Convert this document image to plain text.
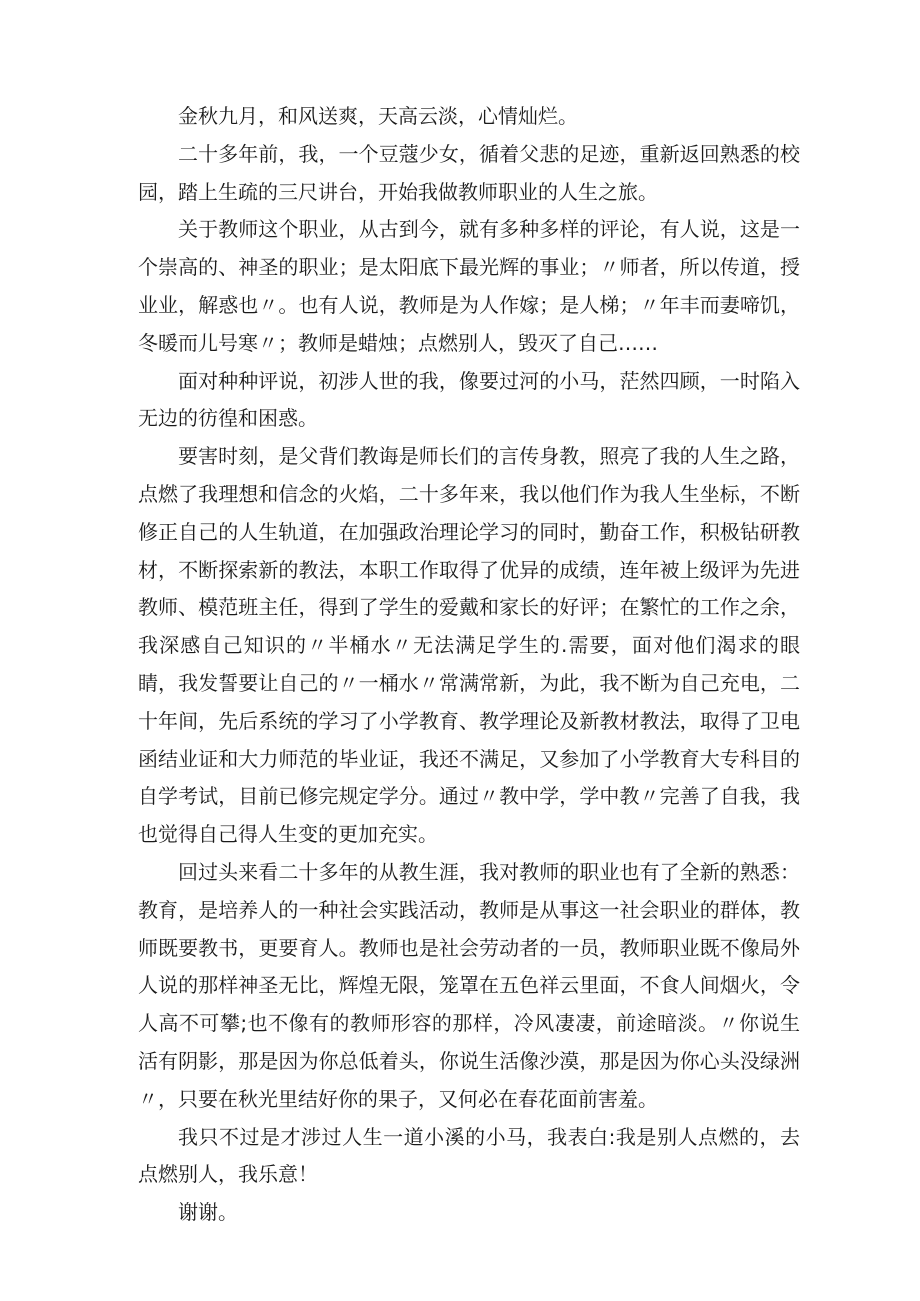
金秋九月，和风送爽，天高云淡，心情灿烂。

二十多年前，我，一个豆蔻少女，循着父悲的足迹，重新返回熟悉的校园，踏上生疏的三尺讲台，开始我做教师职业的人生之旅。

关于教师这个职业，从古到今，就有多种多样的评论，有人说，这是一个崇高的、神圣的职业；是太阳底下最光辉的事业；〃师者，所以传道，授业业，解惑也〃。也有人说，教师是为人作嫁；是人梯；〃年丰而妻啼饥，冬暖而儿号寒〃；教师是蜡烛；点燃别人，毁灭了自己……

面对种种评说，初涉人世的我，像要过河的小马，茫然四顾，一时陷入无边的彷徨和困惑。

要害时刻，是父背们教诲是师长们的言传身教，照亮了我的人生之路，点燃了我理想和信念的火焰，二十多年来，我以他们作为我人生坐标，不断修正自己的人生轨道，在加强政治理论学习的同时，勤奋工作，积极钻研教材，不断探索新的教法，本职工作取得了优异的成绩，连年被上级评为先进教师、模范班主任，得到了学生的爱戴和家长的好评；在繁忙的工作之余，我深感自己知识的〃半桶水〃无法满足学生的.需要，面对他们渴求的眼睛，我发誓要让自己的〃一桶水〃常满常新，为此，我不断为自己充电，二十年间，先后系统的学习了小学教育、教学理论及新教材教法，取得了卫电函结业证和大力师范的毕业证，我还不满足，又参加了小学教育大专科目的自学考试，目前已修完规定学分。通过〃教中学，学中教〃完善了自我，我也觉得自己得人生变的更加充实。

回过头来看二十多年的从教生涯，我对教师的职业也有了全新的熟悉：教育，是培养人的一种社会实践活动，教师是从事这一社会职业的群体，教师既要教书，更要育人。教师也是社会劳动者的一员，教师职业既不像局外人说的那样神圣无比，辉煌无限，笼罩在五色祥云里面，不食人间烟火，令人高不可攀;也不像有的教师形容的那样，冷风凄凄，前途暗淡。〃你说生活有阴影，那是因为你总低着头，你说生活像沙漠，那是因为你心头没绿洲〃，只要在秋光里结好你的果子，又何必在春花面前害羞。

我只不过是才涉过人生一道小溪的小马，我表白:我是别人点燃的，去点燃别人，我乐意！

谢谢。
